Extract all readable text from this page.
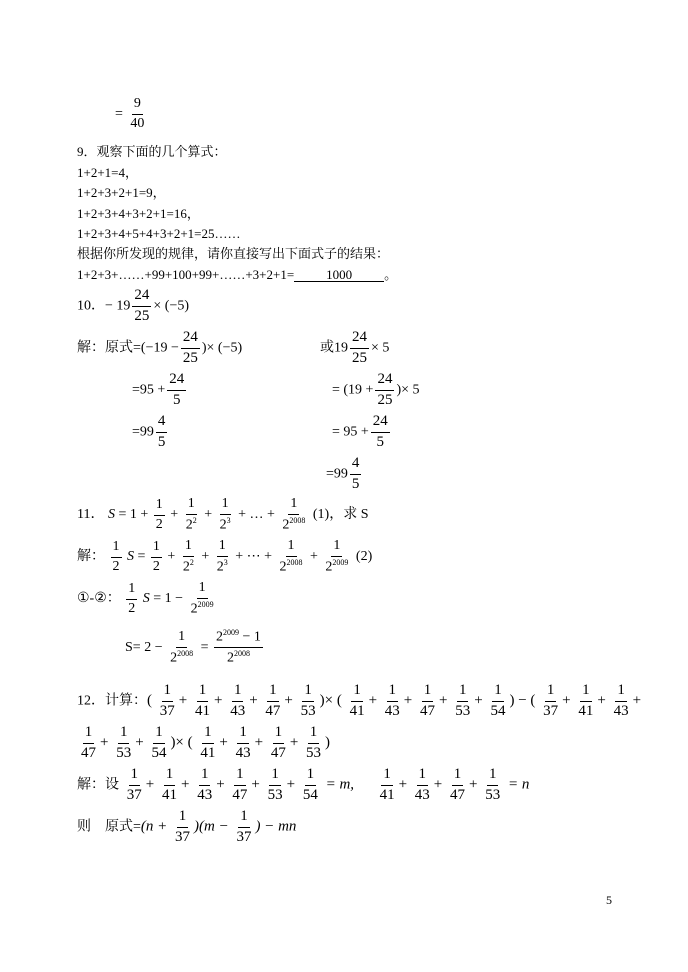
= $\frac{9}{40}$
9．观察下面的几个算式：
1+2+1=4，
1+2+3+2+1=9，
1+2+3+4+3+2+1=16，
1+2+3+4+5+4+3+2+1=25……
根据你所发现的规律，请你直接写出下面式子的结果：
1+2+3+……+99+100+99+……+3+2+1= 1000 。
10．− $19 \frac{24}{25} \times (-5)$
解：原式$=(-19 - \frac{24}{25}$ )× (−5)	或$19 \frac{24}{25} \times 5$
$=95 + \frac{24}{5}$	= ($19 + \frac{24}{25}$ )× 5
$=99 \frac{4}{5}$	= $95 + \frac{24}{5}$
$=99 \frac{4}{5}$
11． $S = 1 + \frac{1}{2} + \frac{1}{2^2} + \frac{1}{2^3}$ + … + $\frac{1}{2^{2008}} (1)$，求 S
解： $\frac{1}{2}$ $S = \frac{1}{2} + \frac{1}{2^2} + \frac{1}{2^3}$ + ⋯ + $\frac{1}{2^{2008}} + \frac{1}{2^{2009}} (2)$
①-②： $\frac{1}{2}$ $S = 1 - \frac{1}{2^{2009}}$
$S= 2 - \frac{1}{2^{2008}} = \frac{2^{2009} - 1}{2^{2008}}$
12．计算：( $\frac{1}{37} + \frac{1}{41} + \frac{1}{43} + \frac{1}{47} + \frac{1}{53}$ )× ( $\frac{1}{41} + \frac{1}{43} + \frac{1}{47} + \frac{1}{53} + \frac{1}{54}$ ) − ( $\frac{1}{37} + \frac{1}{41} + \frac{1}{43}$ +
$\frac{1}{47} + \frac{1}{53} + \frac{1}{54}$ )× ( $\frac{1}{41} + \frac{1}{43} + \frac{1}{47} + \frac{1}{53}$ )
解：设 $\frac{1}{37} + \frac{1}{41} + \frac{1}{43} + \frac{1}{47} + \frac{1}{53} + \frac{1}{54} = m$, $\frac{1}{41} + \frac{1}{43} + \frac{1}{47} + \frac{1}{53} = n$
则　原式$=(n + \frac{1}{37} )(m - \frac{1}{37}$ ) − mn
5
